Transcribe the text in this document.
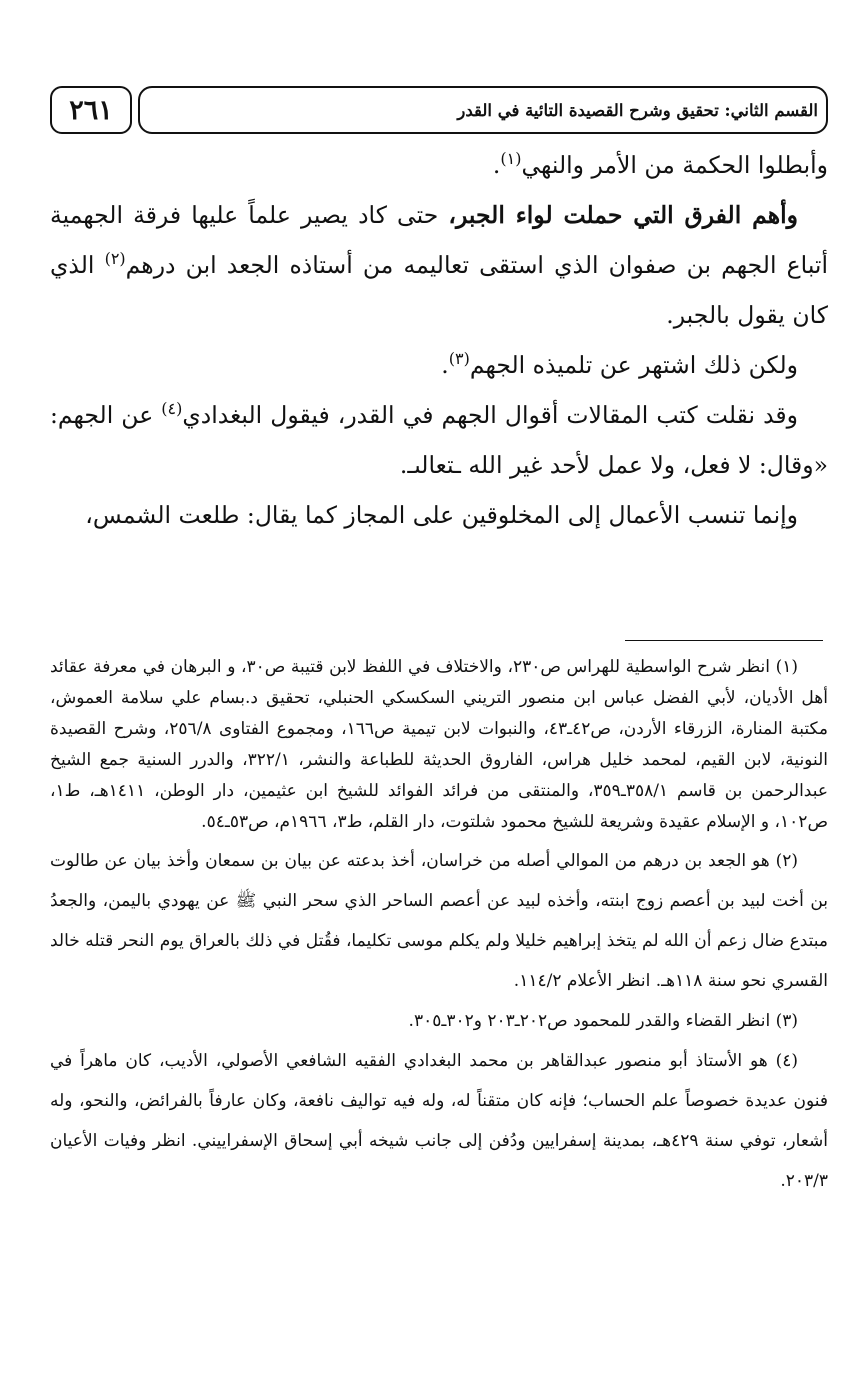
٢٦١	القسم الثاني: تحقيق وشرح القصيدة التائية في القدر

وأبطلوا الحكمة من الأمر والنهي$^{(١)}$.

وأهم الفرق التي حملت لواء الجبر، حتى كاد يصير علماً عليها فرقة الجهمية أتباع الجهم بن صفوان الذي استقى تعاليمه من أستاذه الجعد ابن درهم$^{(٢)}$ الذي كان يقول بالجبر.

ولكن ذلك اشتهر عن تلميذه الجهم$^{(٣)}$.

وقد نقلت كتب المقالات أقوال الجهم في القدر، فيقول البغدادي$^{(٤)}$ عن الجهم: «وقال: لا فعل، ولا عمل لأحد غير الله ـتعالىـ.

وإنما تنسب الأعمال إلى المخلوقين على المجاز كما يقال: طلعت الشمس،

(١) انظر شرح الواسطية للهراس ص٢٣٠، والاختلاف في اللفظ لابن قتيبة ص٣٠، و البرهان في معرفة عقائد أهل الأديان، لأبي الفضل عباس ابن منصور التريني السكسكي الحنبلي، تحقيق د.بسام علي سلامة العموش، مكتبة المنارة، الزرقاء الأردن، ص٤٢ـ٤٣، والنبوات لابن تيمية ص١٦٦، ومجموع الفتاوى ٢٥٦/٨، وشرح القصيدة النونية، لابن القيم، لمحمد خليل هراس، الفاروق الحديثة للطباعة والنشر، ٣٢٢/١، والدرر السنية جمع الشيخ عبدالرحمن بن قاسم ٣٥٨/١ـ٣٥٩، والمنتقى من فرائد الفوائد للشيخ ابن عثيمين، دار الوطن، ١٤١١هـ، ط١، ص١٠٢، و الإسلام عقيدة وشريعة للشيخ محمود شلتوت، دار القلم، ط٣، ١٩٦٦م، ص٥٣ـ٥٤.

(٢) هو الجعد بن درهم من الموالي أصله من خراسان، أخذ بدعته عن بيان بن سمعان وأخذ بيان عن طالوت بن أخت لبيد بن أعصم زوج ابنته، وأخذه لبيد عن أعصم الساحر الذي سحر النبي ﷺ عن يهودي باليمن، والجعدُ مبتدع ضال زعم أن الله لم يتخذ إبراهيم خليلا ولم يكلم موسى تكليما، فقُتل في ذلك بالعراق يوم النحر قتله خالد القسري نحو سنة ١١٨هـ. انظر الأعلام ١١٤/٢.

(٣) انظر القضاء والقدر للمحمود ص٢٠٢ـ٢٠٣ و٣٠٢ـ٣٠٥.

(٤) هو الأستاذ أبو منصور عبدالقاهر بن محمد البغدادي الفقيه الشافعي الأصولي، الأديب، كان ماهراً في فنون عديدة خصوصاً علم الحساب؛ فإنه كان متقناً له، وله فيه تواليف نافعة، وكان عارفاً بالفرائض، والنحو، وله أشعار، توفي سنة ٤٢٩هـ، بمدينة إسفرايين ودُفن إلى جانب شيخه أبي إسحاق الإسفراييني. انظر وفيات الأعيان ٢٠٣/٣.
